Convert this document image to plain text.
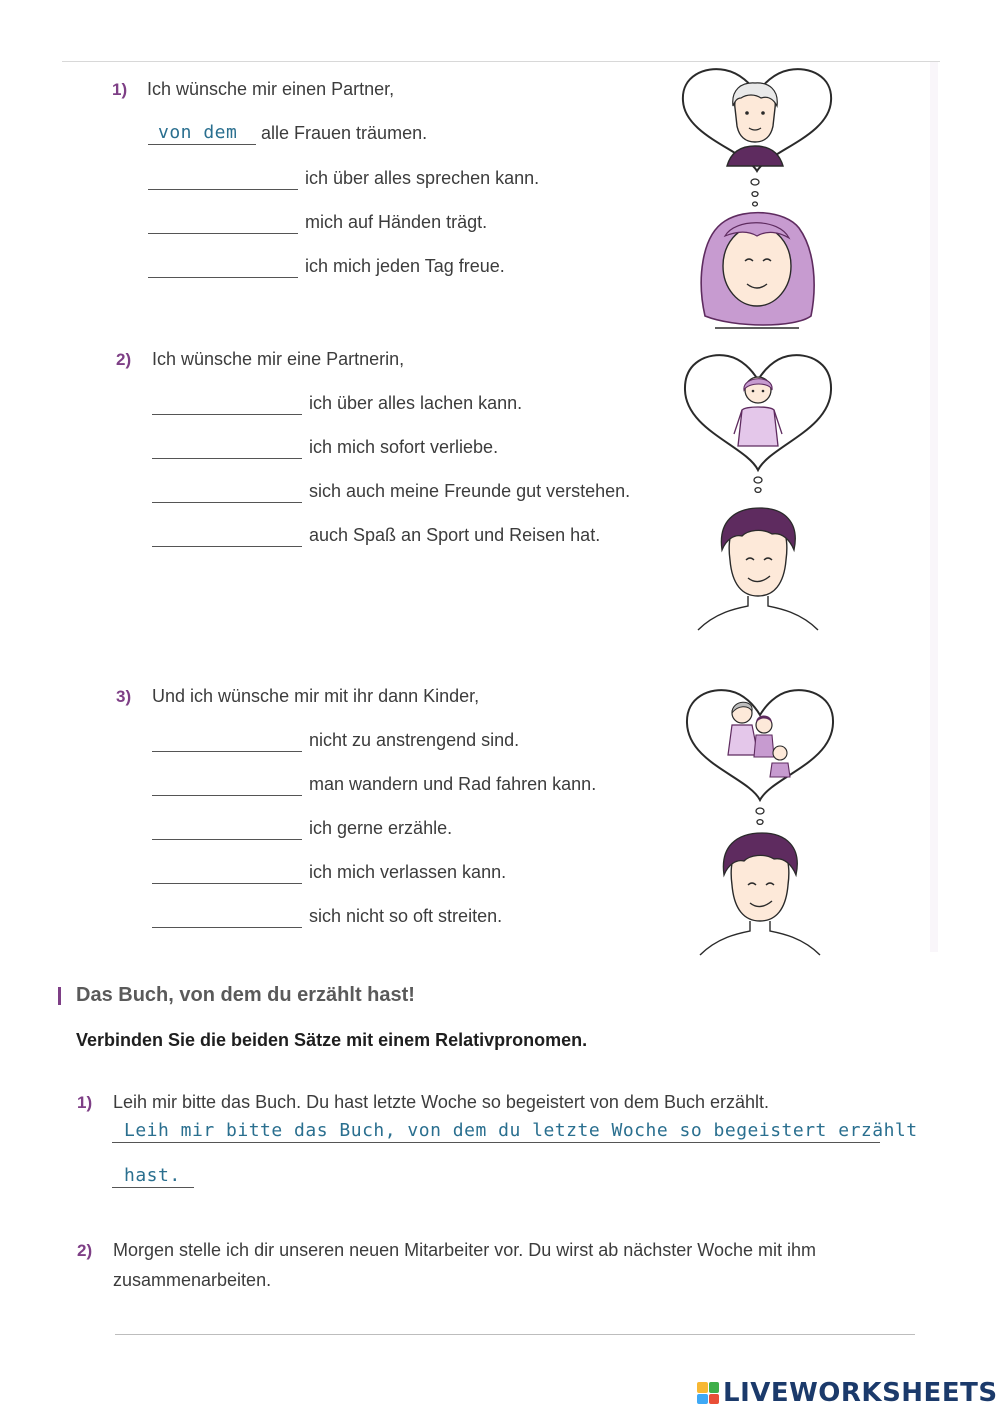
1) Ich wünsche mir einen Partner,
von dem alle Frauen träumen.
ich über alles sprechen kann.
mich auf Händen trägt.
ich mich jeden Tag freue.
2) Ich wünsche mir eine Partnerin,
ich über alles lachen kann.
ich mich sofort verliebe.
sich auch meine Freunde gut verstehen.
auch Spaß an Sport und Reisen hat.
3) Und ich wünsche mir mit ihr dann Kinder,
nicht zu anstrengend sind.
man wandern und Rad fahren kann.
ich gerne erzähle.
ich mich verlassen kann.
sich nicht so oft streiten.
Das Buch, von dem du erzählt hast!
Verbinden Sie die beiden Sätze mit einem Relativpronomen.
1) Leih mir bitte das Buch. Du hast letzte Woche so begeistert von dem Buch erzählt.
Leih mir bitte das Buch, von dem du letzte Woche so begeistert erzählt
hast.
2) Morgen stelle ich dir unseren neuen Mitarbeiter vor. Du wirst ab nächster Woche mit ihm
zusammenarbeiten.
LIVEWORKSHEETS
